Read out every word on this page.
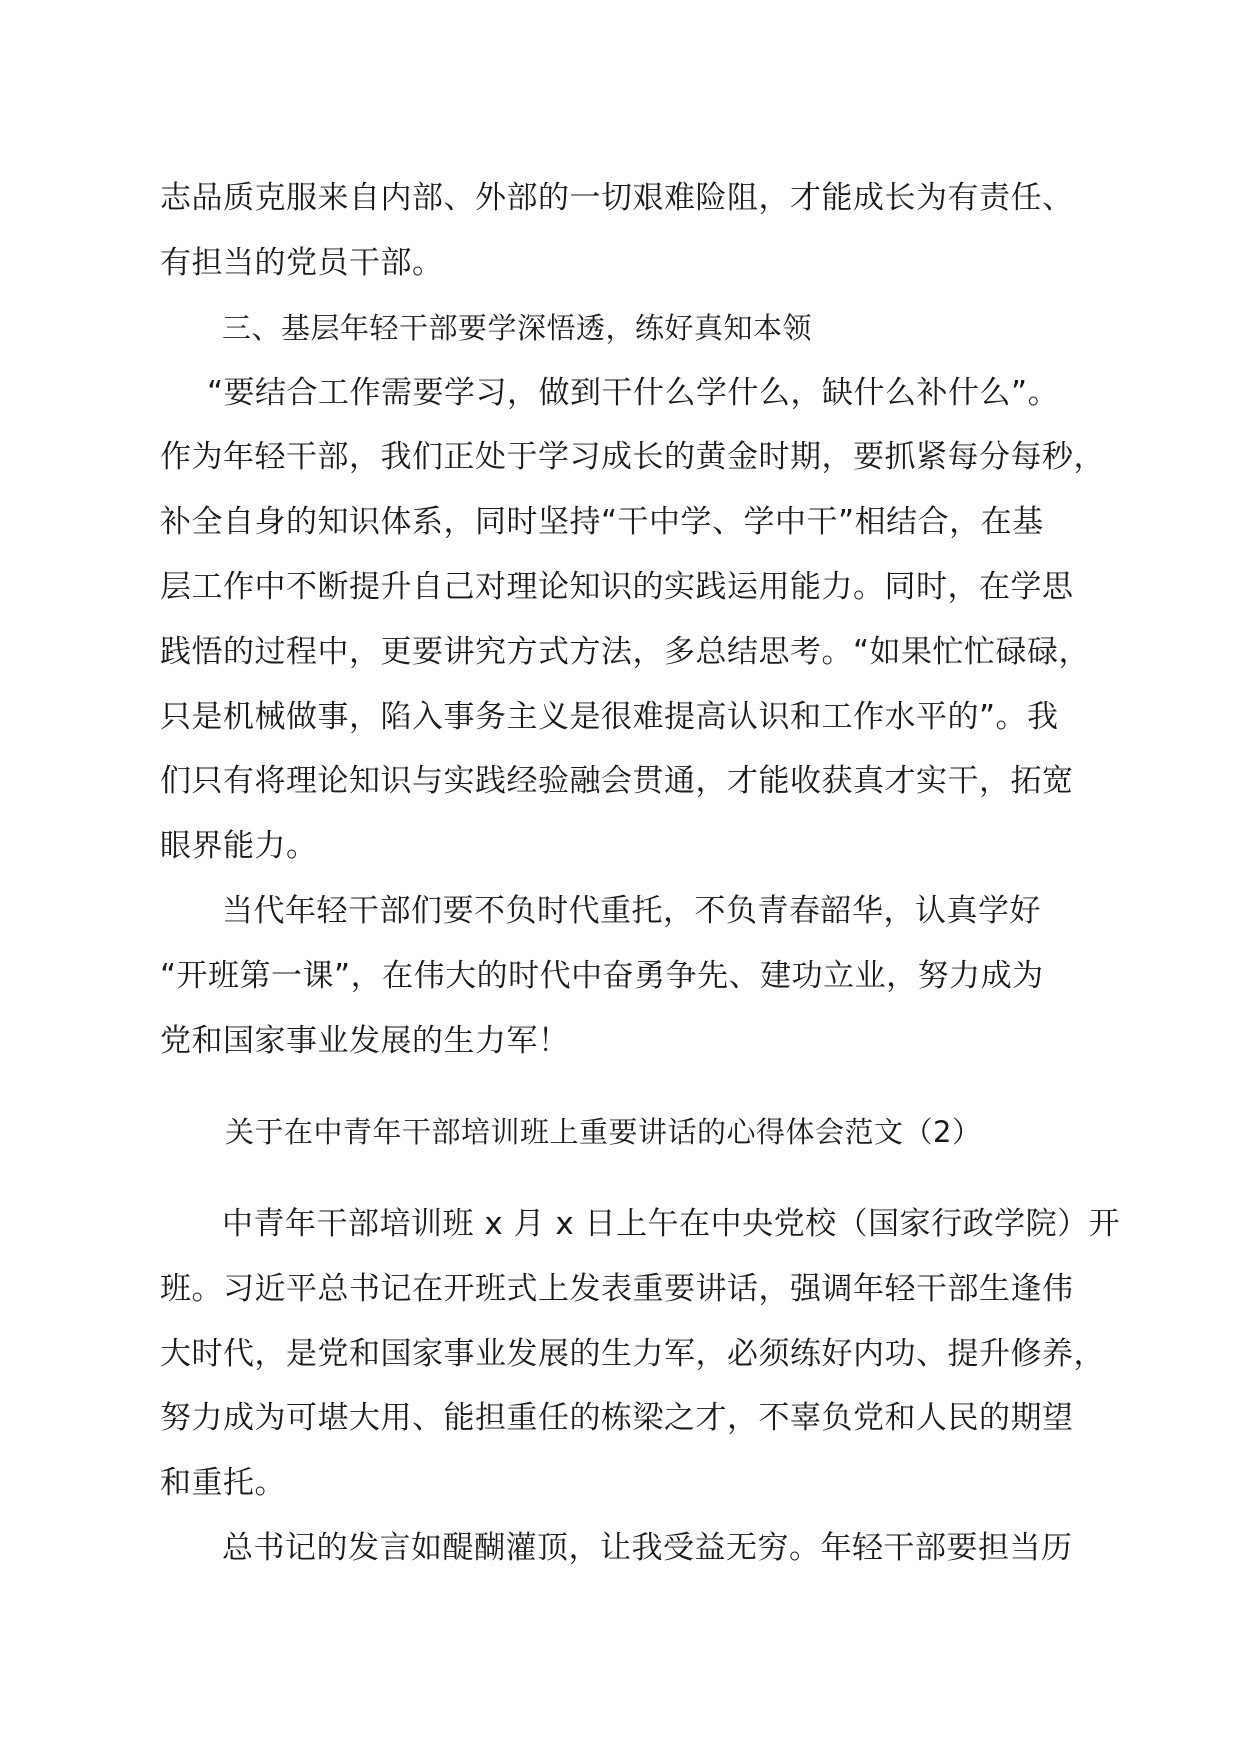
志品质克服来自内部、外部的一切艰难险阻，才能成长为有责任、
有担当的党员干部。
三、基层年轻干部要学深悟透，练好真知本领
“要结合工作需要学习，做到干什么学什么，缺什么补什么”。
作为年轻干部，我们正处于学习成长的黄金时期，要抓紧每分每秒，
补全自身的知识体系，同时坚持“干中学、学中干”相结合，在基
层工作中不断提升自己对理论知识的实践运用能力。同时，在学思
践悟的过程中，更要讲究方式方法，多总结思考。“如果忙忙碌碌，
只是机械做事，陷入事务主义是很难提高认识和工作水平的”。我
们只有将理论知识与实践经验融会贯通，才能收获真才实干，拓宽
眼界能力。
当代年轻干部们要不负时代重托，不负青春韶华，认真学好
“开班第一课”，在伟大的时代中奋勇争先、建功立业，努力成为
党和国家事业发展的生力军！
关于在中青年干部培训班上重要讲话的心得体会范文（2）
中青年干部培训班 x 月 x 日上午在中央党校（国家行政学院）开
班。习近平总书记在开班式上发表重要讲话，强调年轻干部生逢伟
大时代，是党和国家事业发展的生力军，必须练好内功、提升修养，
努力成为可堪大用、能担重任的栋梁之才，不辜负党和人民的期望
和重托。
总书记的发言如醍醐灌顶，让我受益无穷。年轻干部要担当历
